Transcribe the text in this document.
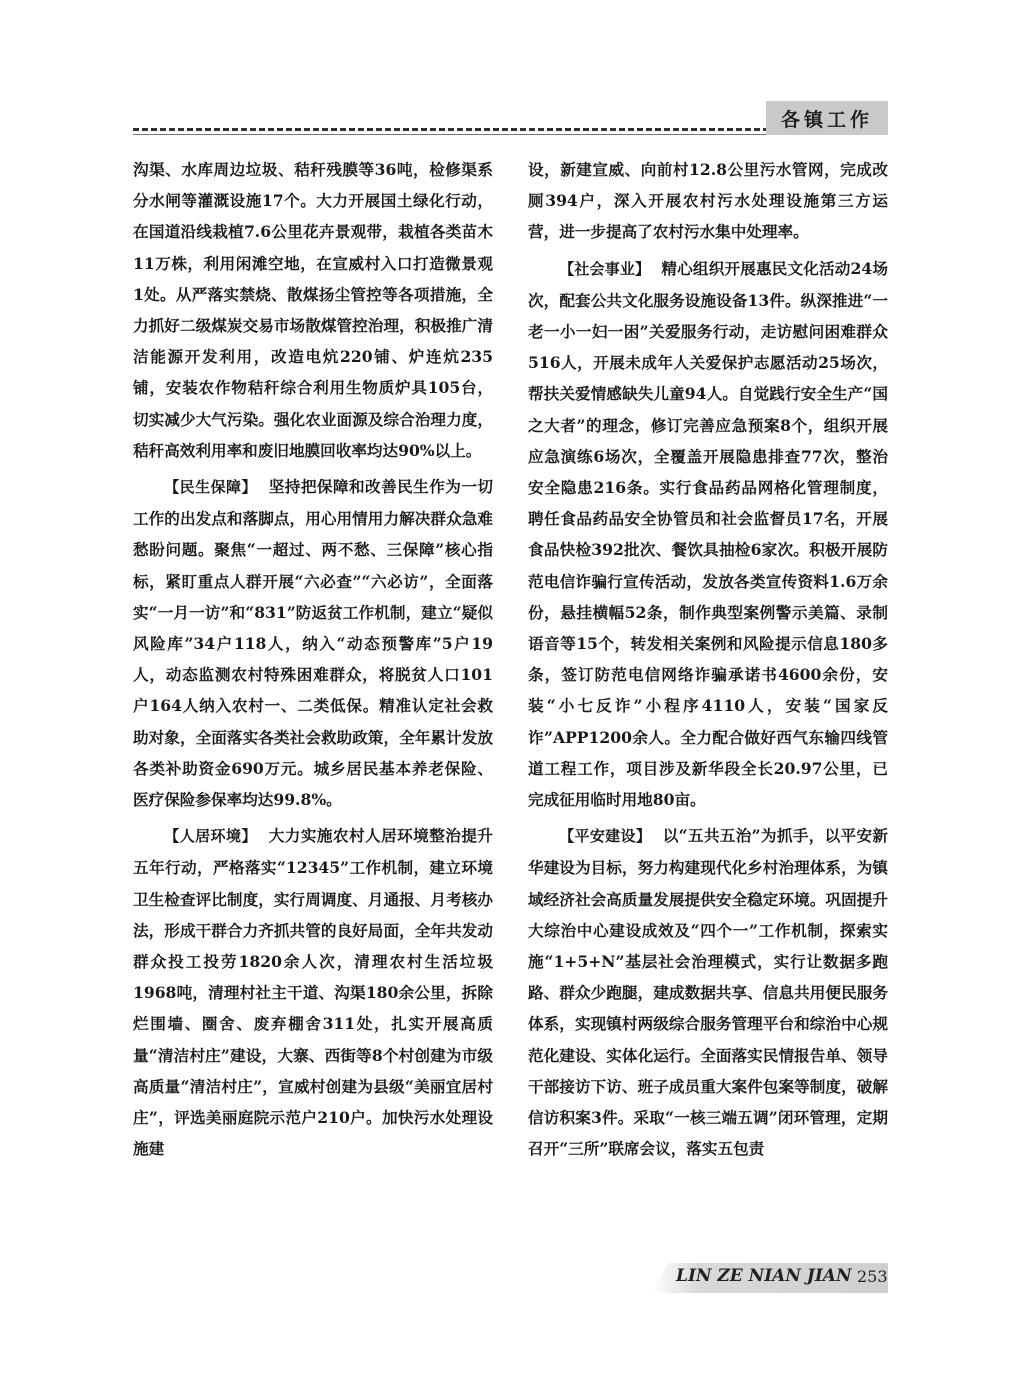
各镇工作

沟渠、水库周边垃圾、秸秆残膜等36吨，检修渠系分水闸等灌溉设施17个。大力开展国土绿化行动，在国道沿线栽植7.6公里花卉景观带，栽植各类苗木11万株，利用闲滩空地，在宣威村入口打造微景观1处。从严落实禁烧、散煤扬尘管控等各项措施，全力抓好二级煤炭交易市场散煤管控治理，积极推广清洁能源开发利用，改造电炕220铺、炉连炕235铺，安装农作物秸秆综合利用生物质炉具105台，切实减少大气污染。强化农业面源及综合治理力度，秸秆高效利用率和废旧地膜回收率均达90%以上。

【民生保障】 坚持把保障和改善民生作为一切工作的出发点和落脚点，用心用情用力解决群众急难愁盼问题。聚焦“一超过、两不愁、三保障”核心指标，紧盯重点人群开展“六必查”“六必访”，全面落实“一月一访”和“831”防返贫工作机制，建立“疑似风险库”34户118人，纳入“动态预警库”5户19人，动态监测农村特殊困难群众，将脱贫人口101户164人纳入农村一、二类低保。精准认定社会救助对象，全面落实各类社会救助政策，全年累计发放各类补助资金690万元。城乡居民基本养老保险、医疗保险参保率均达99.8%。

【人居环境】 大力实施农村人居环境整治提升五年行动，严格落实“12345”工作机制，建立环境卫生检查评比制度，实行周调度、月通报、月考核办法，形成干群合力齐抓共管的良好局面，全年共发动群众投工投劳1820余人次，清理农村生活垃圾1968吨，清理村社主干道、沟渠180余公里，拆除烂围墙、圈舍、废弃棚舍311处，扎实开展高质量“清洁村庄”建设，大寨、西街等8个村创建为市级高质量“清洁村庄”，宣威村创建为县级“美丽宜居村庄”，评选美丽庭院示范户210户。加快污水处理设施建

设，新建宣威、向前村12.8公里污水管网，完成改厕394户，深入开展农村污水处理设施第三方运营，进一步提高了农村污水集中处理率。

【社会事业】 精心组织开展惠民文化活动24场次，配套公共文化服务设施设备13件。纵深推进“一老一小一妇一困”关爱服务行动，走访慰问困难群众516人，开展未成年人关爱保护志愿活动25场次，帮扶关爱情感缺失儿童94人。自觉践行安全生产“国之大者”的理念，修订完善应急预案8个，组织开展应急演练6场次，全覆盖开展隐患排查77次，整治安全隐患216条。实行食品药品网格化管理制度，聘任食品药品安全协管员和社会监督员17名，开展食品快检392批次、餐饮具抽检6家次。积极开展防范电信诈骗行宣传活动，发放各类宣传资料1.6万余份，悬挂横幅52条，制作典型案例警示美篇、录制语音等15个，转发相关案例和风险提示信息180多条，签订防范电信网络诈骗承诺书4600余份，安装“小七反诈”小程序4110人，安装“国家反诈”APP1200余人。全力配合做好西气东输四线管道工程工作，项目涉及新华段全长20.97公里，已完成征用临时用地80亩。

【平安建设】 以“五共五治”为抓手，以平安新华建设为目标，努力构建现代化乡村治理体系，为镇域经济社会高质量发展提供安全稳定环境。巩固提升大综治中心建设成效及“四个一”工作机制，探索实施“1+5+N”基层社会治理模式，实行让数据多跑路、群众少跑腿，建成数据共享、信息共用便民服务体系，实现镇村两级综合服务管理平台和综治中心规范化建设、实体化运行。全面落实民情报告单、领导干部接访下访、班子成员重大案件包案等制度，破解信访积案3件。采取“一核三端五调”闭环管理，定期召开“三所”联席会议，落实五包责

LIN ZE NIAN JIAN 253
